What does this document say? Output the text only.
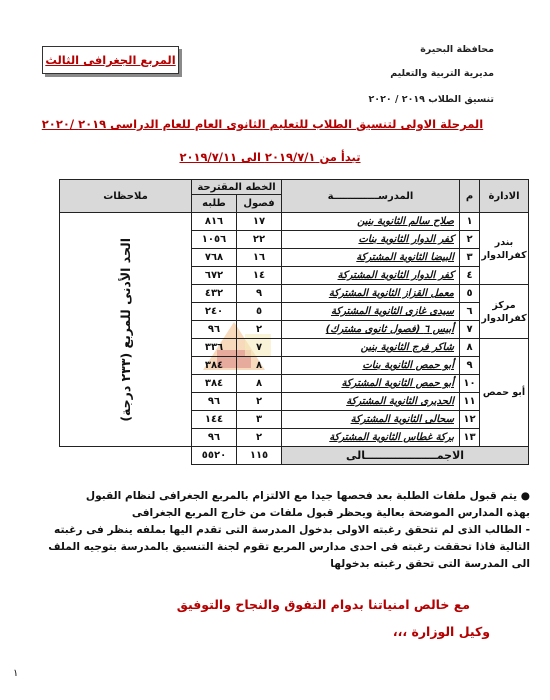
المربع الجغرافى الثالث
محافظة البحيرة
مديرية التربية والتعليم
تنسيق الطلاب ٢٠١٩ / ٢٠٢٠
المرحلة الاولى لتنسيق الطلاب للتعليم الثانوى العام للعام الدراسى ٢٠١٩ /٢٠٢٠
تبدأ من ٢٠١٩/٧/١ الى ٢٠١٩/٧/١١
الادارة	م	المدرســـــــــــــة	الخطه المقترحة		ملاحظات
			فصول	طلبه	
بندر كفرالدوار	١	صلاح سالم الثانوية بنين	١٧	٨١٦	الحد الأدنى للمربع (٢٣٣ درجة)

	٢	كفر الدوار الثانوية بنات	٢٢	١٠٥٦	
	٣	البيضا الثانوية المشتركة	١٦	٧٦٨	
	٤	كفر الدوار الثانوية المشتركة	١٤	٦٧٢	
مركز كفرالدوار	٥	معمل القزاز الثانوية المشتركة	٩	٤٣٢	
	٦	سيدى غازى الثانوية المشتركة	٥	٢٤٠	
	٧	أبيس ٦ (فصول ثانوى مشترك)	٢	٩٦	
أبو حمص	٨	شاكر فرج الثانوية بنين	٧	٣٣٦	
	٩	أبو حمص الثانوية بنات	٨	٣٨٤	
	١٠	أبو حمص الثانوية المشتركة	٨	٣٨٤	
	١١	الحديرى الثانوية المشتركة	٢	٩٦	
	١٢	سحالى الثانوية المشتركة	٣	١٤٤	
	١٣	بركة غطاس الثانوية المشتركة	٢	٩٦	
الاجمـــــــــــــــــــالى			١١٥	٥٥٢٠	
● يتم قبول ملفات الطلبة بعد فحصها جيدا مع الالتزام بالمربع الجغرافى لنظام القبول
بهذه المدارس الموضحة بعالية ويحظر قبول ملفات من خارج المربع الجغرافى
- الطالب الذى لم تتحقق رغبته الاولى بدخول المدرسة التى تقدم اليها بملفه ينظر فى رغبته
التالية فاذا تحققت رغبته فى احدى مدارس المربع تقوم لجنة التنسيق بالمدرسة بتوجيه الملف
الى المدرسة التى تحقق رغبته بدخولها
مع خالص امنياتنا بدوام التفوق والنجاح والتوفيق
وكيل الوزارة ،،،
١
